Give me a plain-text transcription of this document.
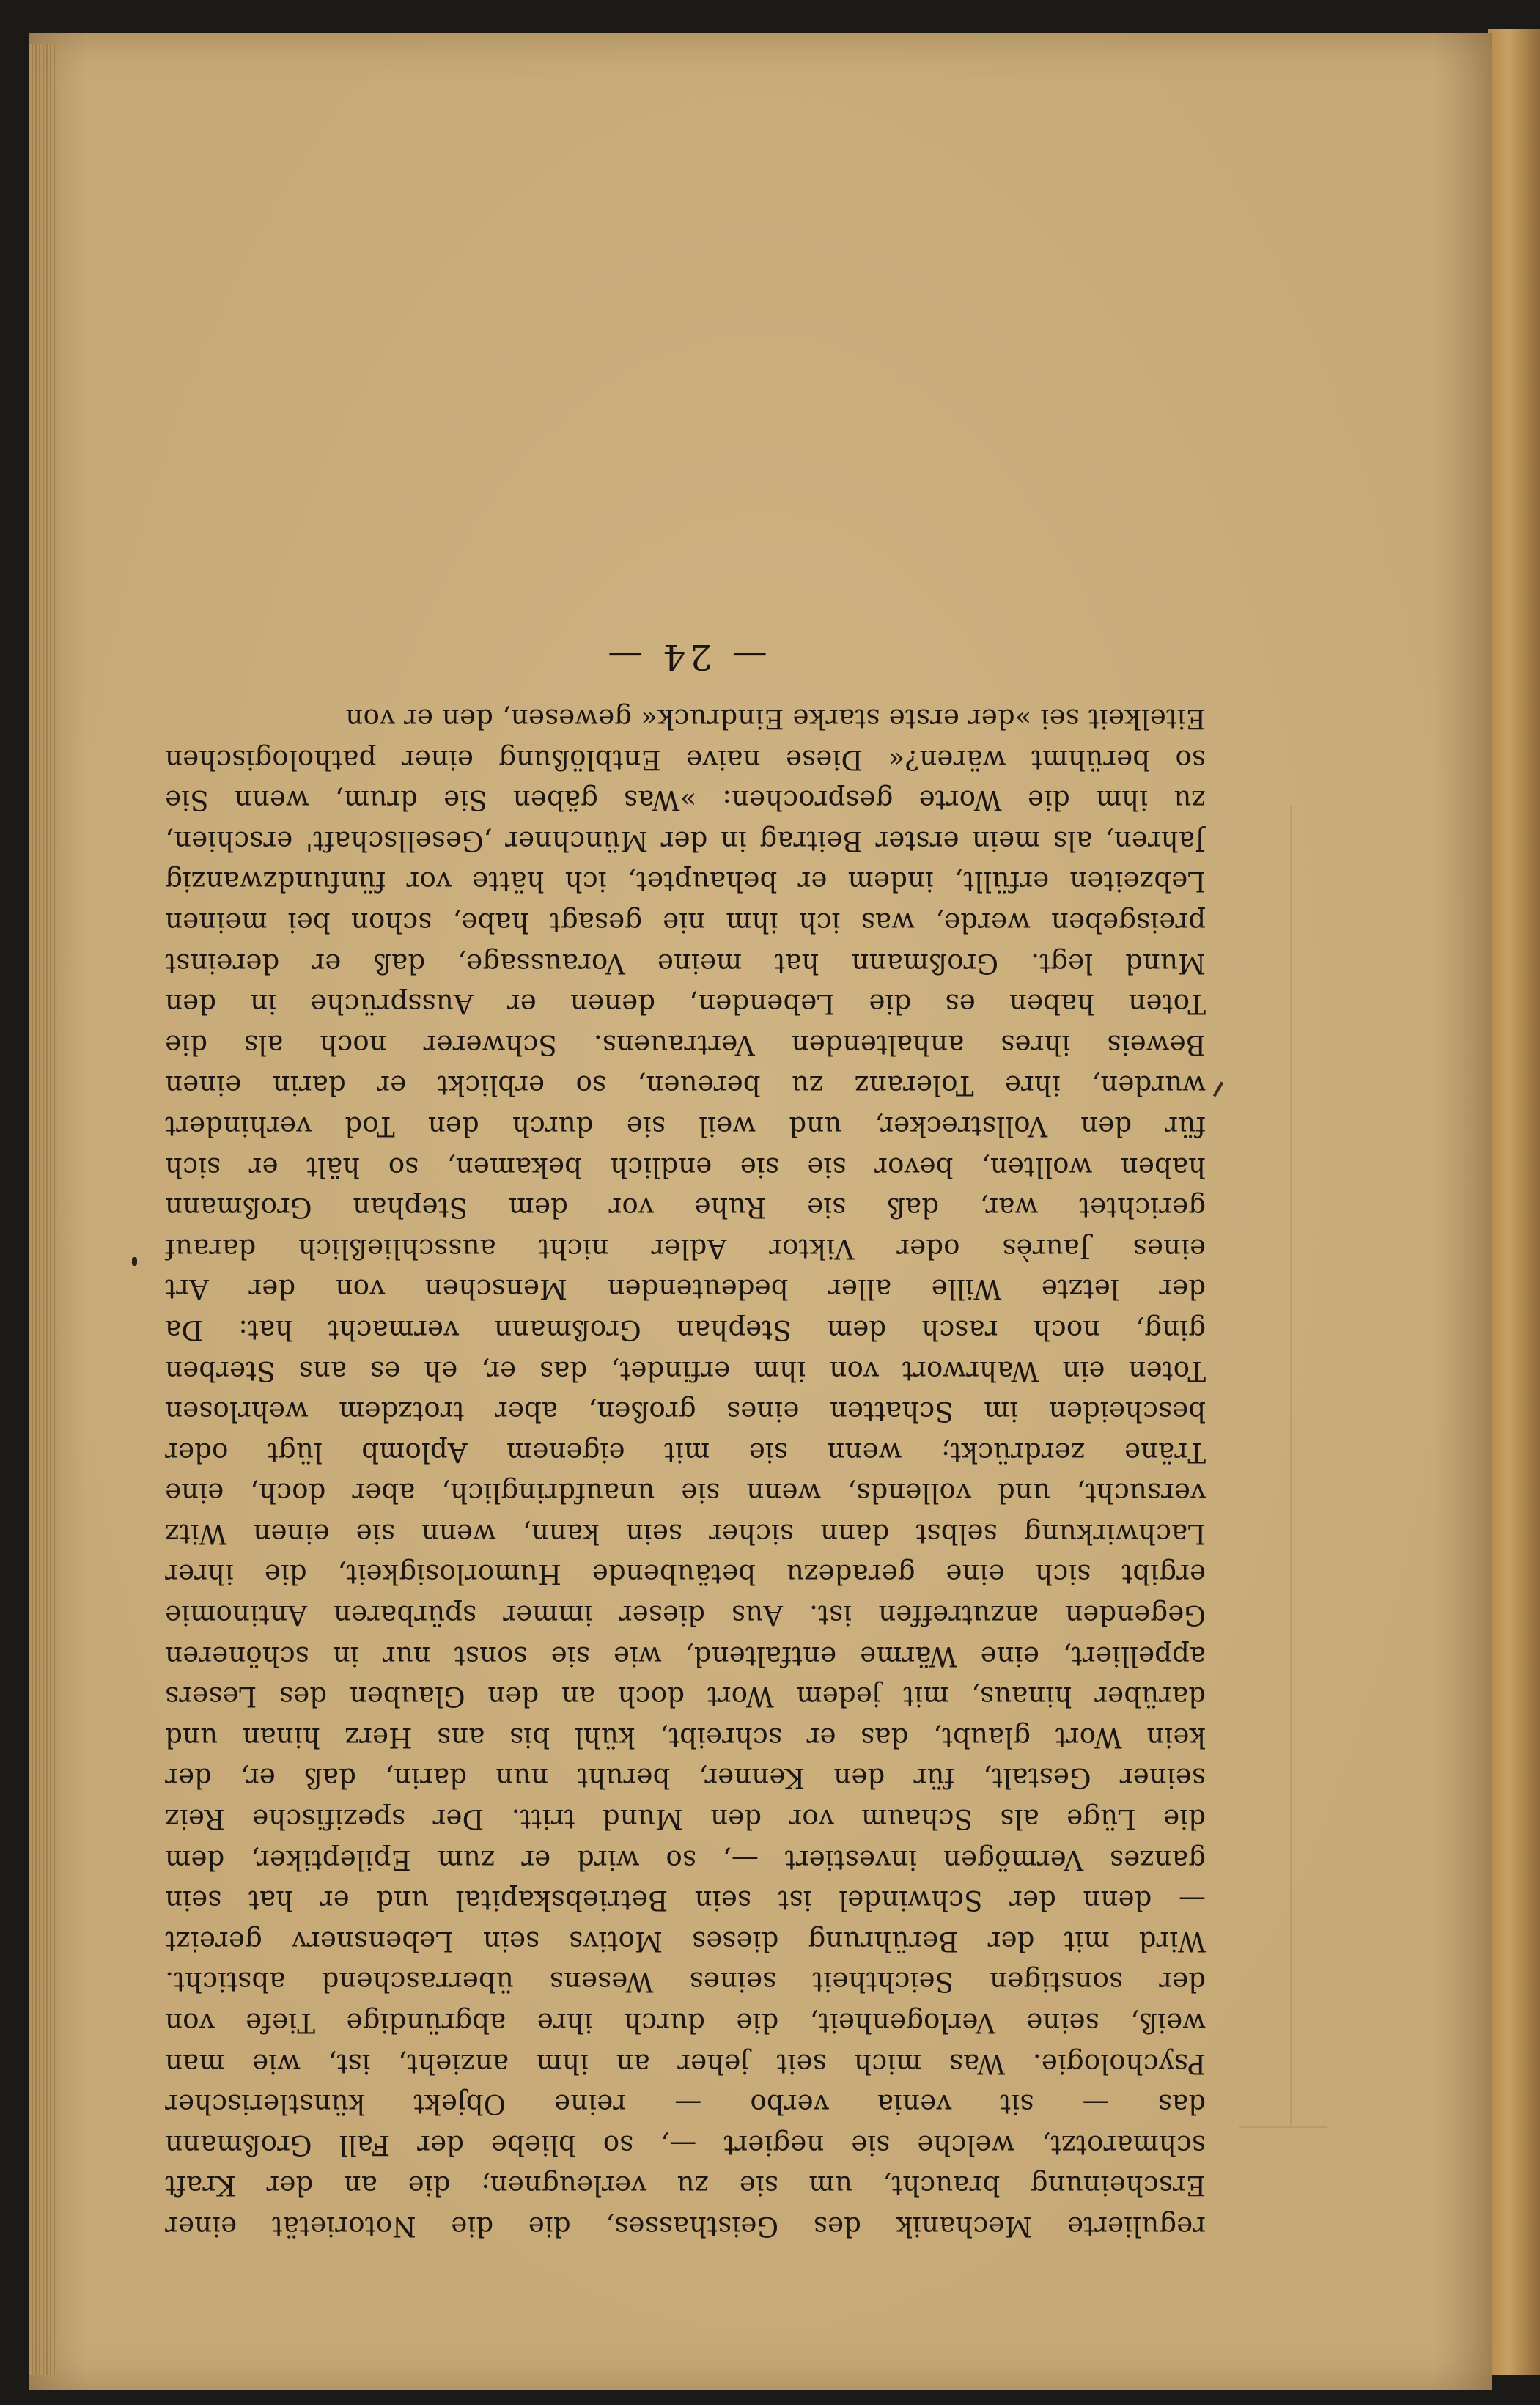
regulierte Mechanik des Geisthasses, die die Notorietät einer
Erscheinung braucht, um sie zu verleugnen; die an der Kraft
schmarotzt, welche sie negiert —, so bliebe der Fall Großmann
das — sit venia verbo — reine Objekt künstlerischer
Psychologie. Was mich seit jeher an ihm anzieht, ist, wie man
weiß, seine Verlogenheit, die durch ihre abgründige Tiefe von
der sonstigen Seichtheit seines Wesens überraschend absticht.
Wird mit der Berührung dieses Motivs sein Lebensnerv gereizt
— denn der Schwindel ist sein Betriebskapital und er hat sein
ganzes Vermögen investiert —, so wird er zum Epileptiker, dem
die Lüge als Schaum vor den Mund tritt. Der spezifische Reiz
seiner Gestalt, für den Kenner, beruht nun darin, daß er, der
kein Wort glaubt, das er schreibt, kühl bis ans Herz hinan und
darüber hinaus, mit jedem Wort doch an den Glauben des Lesers
appelliert, eine Wärme entfaltend, wie sie sonst nur in schöneren
Gegenden anzutreffen ist. Aus dieser immer spürbaren Antinomie
ergibt sich eine geradezu betäubende Humorlosigkeit, die ihrer
Lachwirkung selbst dann sicher sein kann, wenn sie einen Witz
versucht, und vollends, wenn sie unaufdringlich, aber doch, eine
Träne zerdrückt; wenn sie mit eigenem Aplomb lügt oder
bescheiden im Schatten eines großen, aber trotzdem wehrlosen
Toten ein Wahrwort von ihm erfindet, das er, eh es ans Sterben
ging, noch rasch dem Stephan Großmann vermacht hat: Da
der letzte Wille aller bedeutenden Menschen von der Art
eines Jaurès oder Viktor Adler nicht ausschließlich darauf
gerichtet war, daß sie Ruhe vor dem Stephan Großmann
haben wollten, bevor sie sie endlich bekamen, so hält er sich
für den Vollstrecker, und weil sie durch den Tod verhindert
wurden, ihre Toleranz zu bereuen, so erblickt er darin einen
Beweis ihres anhaltenden Vertrauens. Schwerer noch als die
Toten haben es die Lebenden, denen er Aussprüche in den
Mund legt. Großmann hat meine Voraussage, daß er dereinst
preisgeben werde, was ich ihm nie gesagt habe, schon bei meinen
Lebzeiten erfüllt, indem er behauptet, ich hätte vor fünfundzwanzig
Jahren, als mein erster Beitrag in der Münchner ‚Gesellschaft' erschien,
zu ihm die Worte gesprochen: »Was gäben Sie drum, wenn Sie
so berühmt wären?« Diese naive Entblößung einer pathologischen
Eitelkeit sei »der erste starke Eindruck« gewesen, den er von
— 24 —
